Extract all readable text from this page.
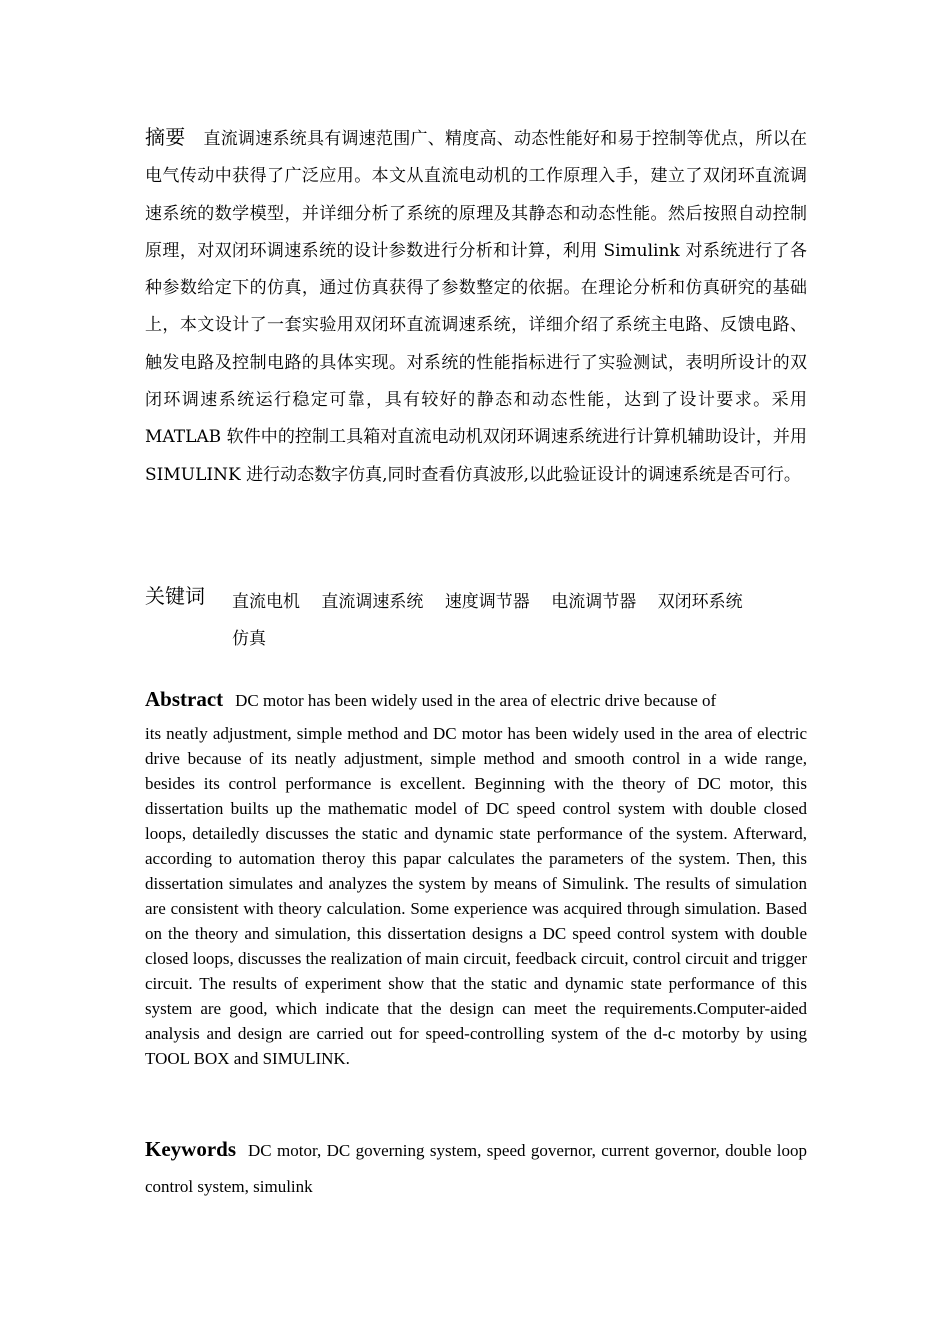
摘要 直流调速系统具有调速范围广、精度高、动态性能好和易于控制等优点，所以在电气传动中获得了广泛应用。本文从直流电动机的工作原理入手，建立了双闭环直流调速系统的数学模型，并详细分析了系统的原理及其静态和动态性能。然后按照自动控制原理，对双闭环调速系统的设计参数进行分析和计算，利用 Simulink 对系统进行了各种参数给定下的仿真，通过仿真获得了参数整定的依据。在理论分析和仿真研究的基础上，本文设计了一套实验用双闭环直流调速系统，详细介绍了系统主电路、反馈电路、触发电路及控制电路的具体实现。对系统的性能指标进行了实验测试，表明所设计的双闭环调速系统运行稳定可靠，具有较好的静态和动态性能，达到了设计要求。采用 MATLAB 软件中的控制工具箱对直流电动机双闭环调速系统进行计算机辅助设计，并用 SIMULINK 进行动态数字仿真,同时查看仿真波形,以此验证设计的调速系统是否可行。
关键词 直流电机 直流调速系统 速度调节器 电流调节器 双闭环系统 仿真
Abstract DC motor has been widely used in the area of electric drive because of
its neatly adjustment, simple method and DC motor has been widely used in the area of electric drive because of its neatly adjustment, simple method and smooth control in a wide range, besides its control performance is excellent. Beginning with the theory of DC motor, this dissertation builts up the mathematic model of DC speed control system with double closed loops, detailedly discusses the static and dynamic state performance of the system. Afterward, according to automation theroy this papar calculates the parameters of the system. Then, this dissertation simulates and analyzes the system by means of Simulink. The results of simulation are consistent with theory calculation. Some experience was acquired through simulation. Based on the theory and simulation, this dissertation designs a DC speed control system with double closed loops, discusses the realization of main circuit, feedback circuit, control circuit and trigger circuit. The results of experiment show that the static and dynamic state performance of this system are good, which indicate that the design can meet the requirements.Computer-aided analysis and design are carried out for speed-controlling system of the d-c motorby by using TOOL BOX and SIMULINK.
Keywords DC motor, DC governing system, speed governor, current governor, double loop control system, simulink
